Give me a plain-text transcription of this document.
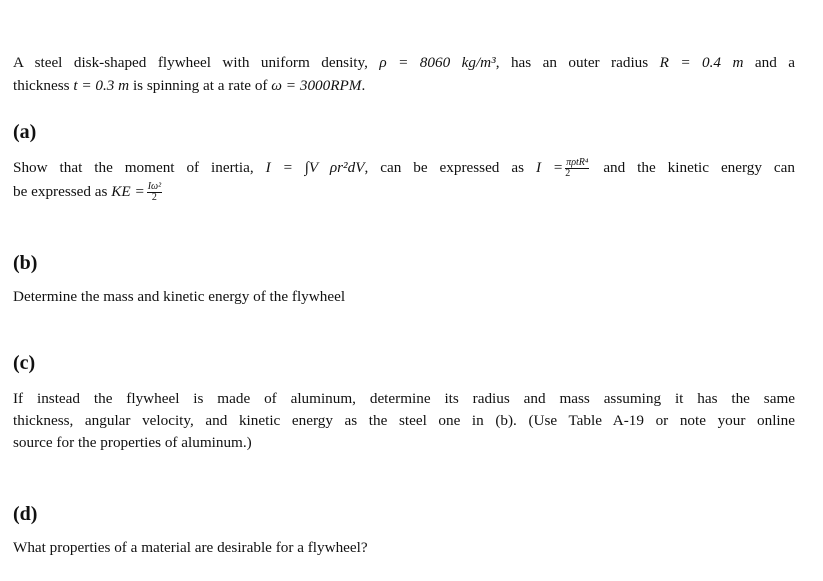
A steel disk-shaped flywheel with uniform density, ρ = 8060 kg/m³, has an outer radius R = 0.4 m and a
thickness t = 0.3 m is spinning at a rate of ω = 3000RPM.
(a)
Show that the moment of inertia, I = ∫V ρr²dV, can be expressed as $I = \frac{\text{πρtR⁴}}{2}$ and the kinetic energy can
be expressed as KE = $\frac{\text{Iω²}}{2}$
(b)
Determine the mass and kinetic energy of the flywheel
(c)
If instead the flywheel is made of aluminum, determine its radius and mass assuming it has the same
thickness, angular velocity, and kinetic energy as the steel one in (b). (Use Table A-19 or note your online
source for the properties of aluminum.)
(d)
What properties of a material are desirable for a flywheel?
